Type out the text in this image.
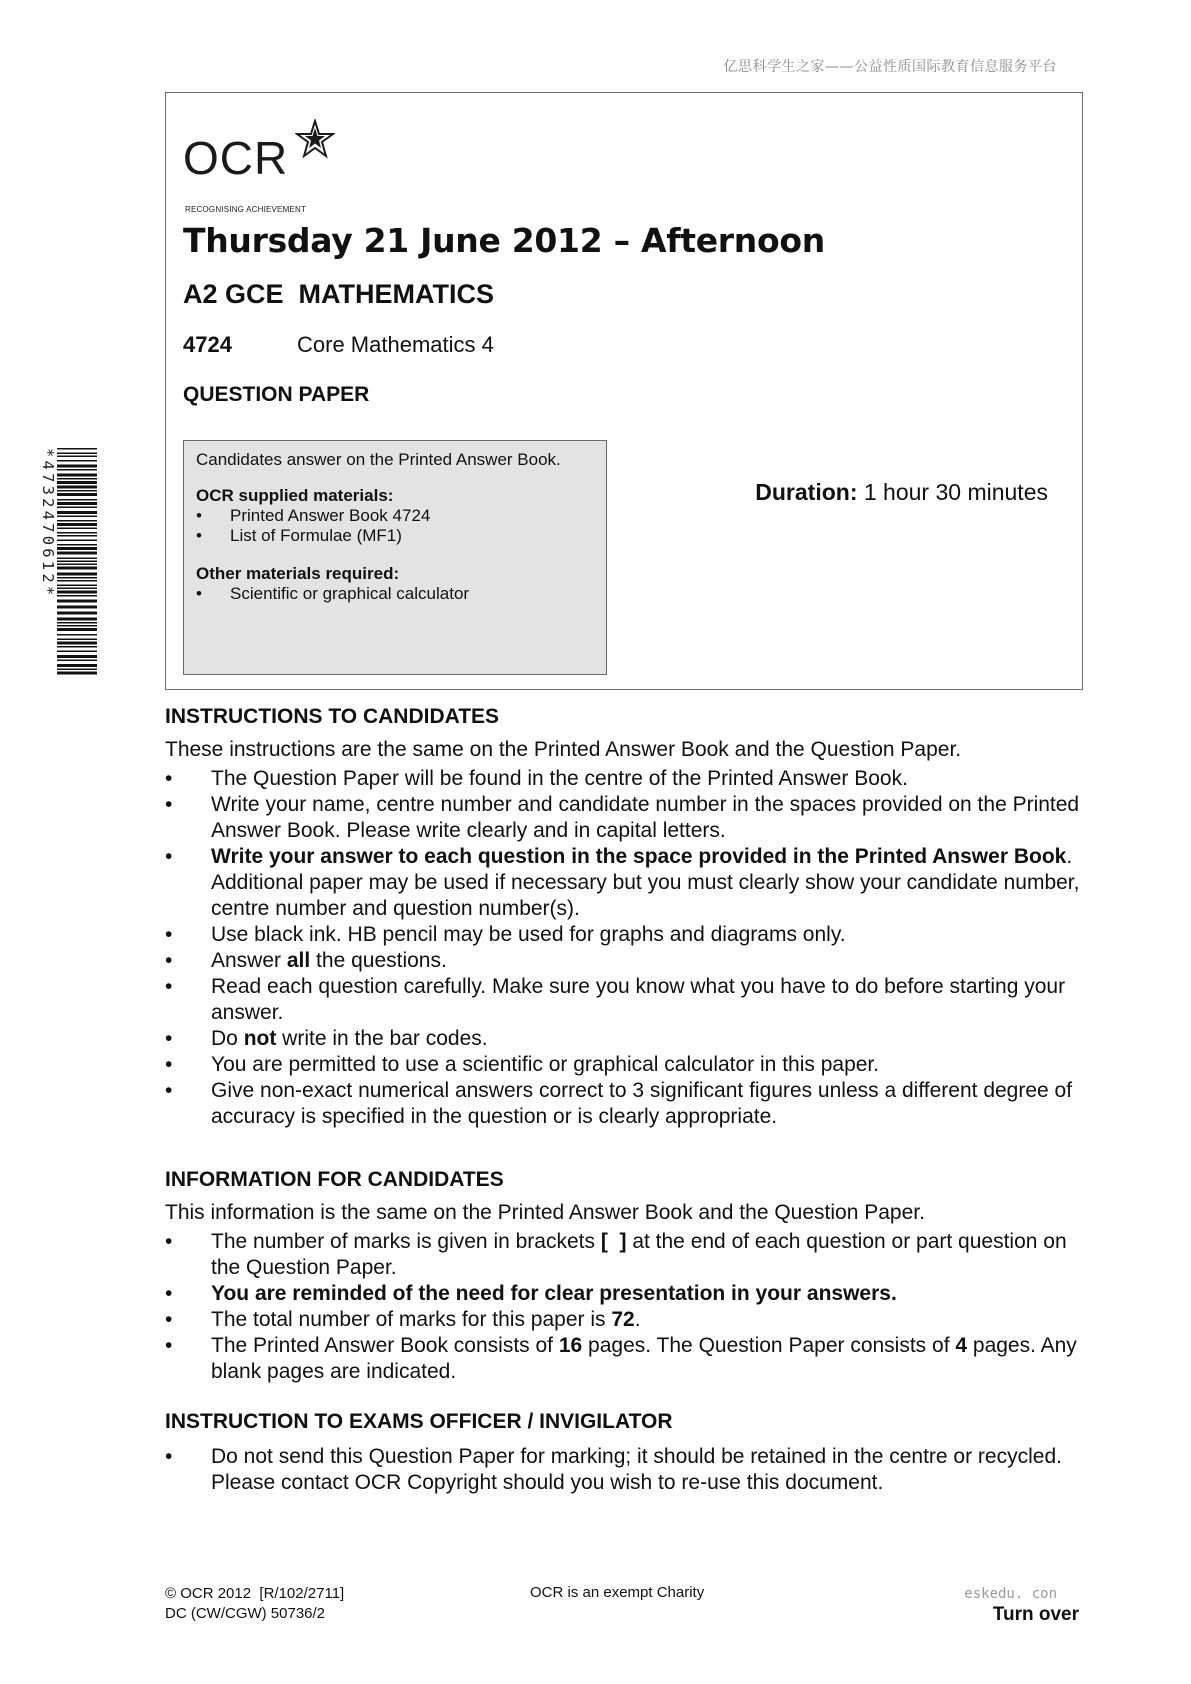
亿思科学生之家——公益性质国际教育信息服务平台
*4732470612*
OCR
RECOGNISING ACHIEVEMENT
Thursday 21 June 2012 – Afternoon
A2 GCE  MATHEMATICS
4724	Core Mathematics 4
QUESTION PAPER
Candidates answer on the Printed Answer Book.
OCR supplied materials:
• Printed Answer Book 4724
• List of Formulae (MF1)
Other materials required:
• Scientific or graphical calculator
Duration: 1 hour 30 minutes
INSTRUCTIONS TO CANDIDATES
These instructions are the same on the Printed Answer Book and the Question Paper.
• The Question Paper will be found in the centre of the Printed Answer Book.
• Write your name, centre number and candidate number in the spaces provided on the Printed Answer Book. Please write clearly and in capital letters.
• Write your answer to each question in the space provided in the Printed Answer Book. Additional paper may be used if necessary but you must clearly show your candidate number, centre number and question number(s).
• Use black ink. HB pencil may be used for graphs and diagrams only.
• Answer all the questions.
• Read each question carefully. Make sure you know what you have to do before starting your answer.
• Do not write in the bar codes.
• You are permitted to use a scientific or graphical calculator in this paper.
• Give non-exact numerical answers correct to 3 significant figures unless a different degree of accuracy is specified in the question or is clearly appropriate.
INFORMATION FOR CANDIDATES
This information is the same on the Printed Answer Book and the Question Paper.
• The number of marks is given in brackets [  ] at the end of each question or part question on the Question Paper.
• You are reminded of the need for clear presentation in your answers.
• The total number of marks for this paper is 72.
• The Printed Answer Book consists of 16 pages. The Question Paper consists of 4 pages. Any blank pages are indicated.
INSTRUCTION TO EXAMS OFFICER / INVIGILATOR
• Do not send this Question Paper for marking; it should be retained in the centre or recycled. Please contact OCR Copyright should you wish to re-use this document.
© OCR 2012  [R/102/2711]
DC (CW/CGW) 50736/2
OCR is an exempt Charity	eskedu. con
Turn over
